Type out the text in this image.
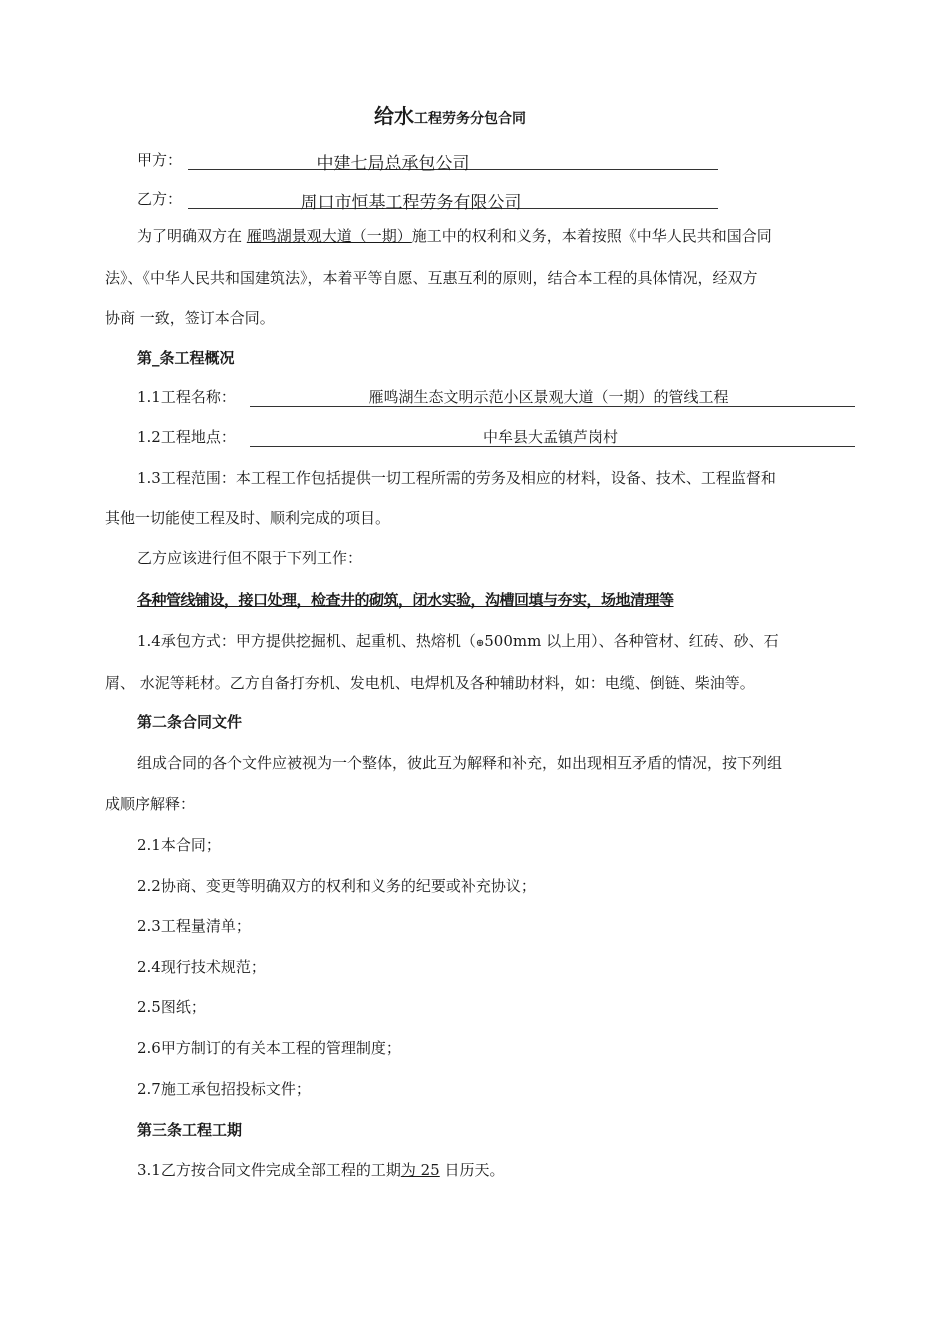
给水工程劳务分包合同
甲方：	中建七局总承包公司
乙方：	周口市恒基工程劳务有限公司
为了明确双方在 雁鸣湖景观大道（一期）施工中的权利和义务，本着按照《中华人民共和国合同
法》、《中华人民共和国建筑法》，本着平等自愿、互惠互利的原则，结合本工程的具体情况，经双方
协商 一致，签订本合同。
第_条工程概况
1.1工程名称：	雁鸣湖生态文明示范小区景观大道（一期）的管线工程
1.2工程地点：	中牟县大孟镇芦岗村
1.3工程范围：本工程工作包括提供一切工程所需的劳务及相应的材料，设备、技术、工程监督和
其他一切能使工程及时、顺利完成的项目。
乙方应该进行但不限于下列工作：
各种管线铺设，接口处理，检查井的砌筑，闭水实验，沟槽回填与夯实，场地清理等
1.4承包方式：甲方提供挖掘机、起重机、热熔机（⊕500mm 以上用）、各种管材、红砖、砂、石
屑、 水泥等耗材。乙方自备打夯机、发电机、电焊机及各种辅助材料，如：电缆、倒链、柴油等。
第二条合同文件
组成合同的各个文件应被视为一个整体，彼此互为解释和补充，如出现相互矛盾的情况，按下列组
成顺序解释：
2.1本合同；
2.2协商、变更等明确双方的权利和义务的纪要或补充协议；
2.3工程量清单；
2.4现行技术规范；
2.5图纸；
2.6甲方制订的有关本工程的管理制度；
2.7施工承包招投标文件；
第三条工程工期
3.1乙方按合同文件完成全部工程的工期为 25 日历天。
